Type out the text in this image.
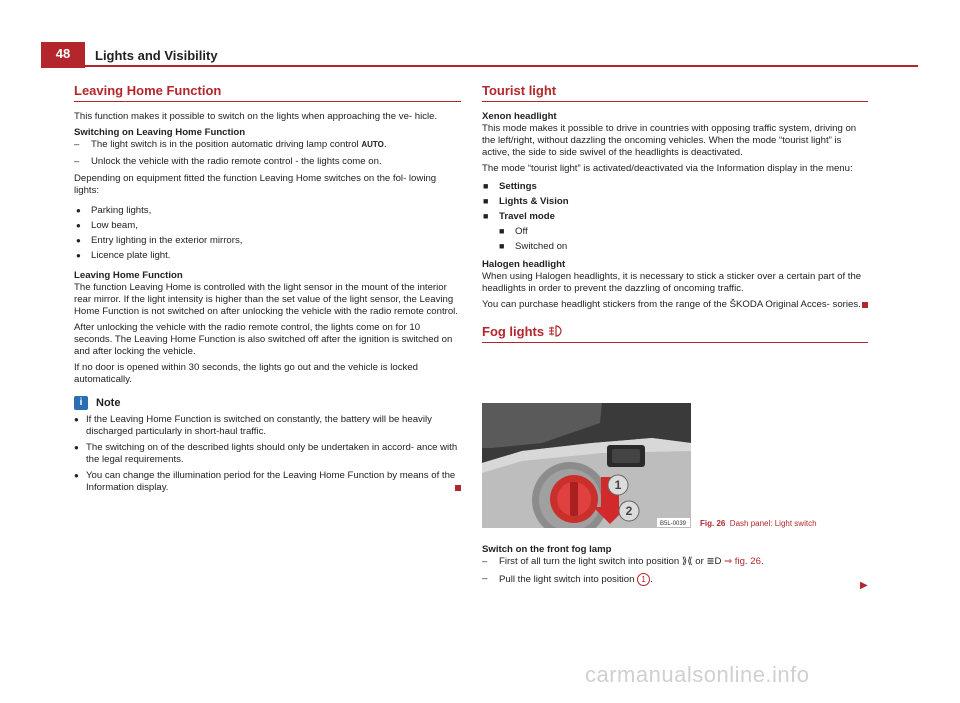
48	Lights and Visibility
Leaving Home Function

This function makes it possible to switch on the lights when approaching the ve- hicle.

Switching on Leaving Home Function

– The light switch is in the position automatic driving lamp control AUTO.
– Unlock the vehicle with the radio remote control - the lights come on.

Depending on equipment fitted the function Leaving Home switches on the fol- lowing lights:

● Parking lights,
● Low beam,
● Entry lighting in the exterior mirrors,
● Licence plate light.

Leaving Home Function

The function Leaving Home is controlled with the light sensor in the mount of the interior rear mirror. If the light intensity is higher than the set value of the light sensor, the Leaving Home Function is not switched on after unlocking the vehicle with the radio remote control.

After unlocking the vehicle with the radio remote control, the lights come on for 10 seconds. The Leaving Home Function is also switched off after the ignition is switched on and after locking the vehicle.

If no door is opened within 30 seconds, the lights go out and the vehicle is locked automatically.

i
Note
● If the Leaving Home Function is switched on constantly, the battery will be heavily discharged particularly in short-haul traffic.
● The switching on of the described lights should only be undertaken in accord- ance with the legal requirements.
● You can change the illumination period for the Leaving Home Function by means of the Information display.
Tourist light

Xenon headlight

This mode makes it possible to drive in countries with opposing traffic system, driving on the left/right, without dazzling the oncoming vehicles. When the mode “tourist light” is active, the side to side swivel of the headlights is deactivated.

The mode “tourist light” is activated/deactivated via the Information display in the menu:

■ Settings
■ Lights & Vision
■ Travel mode
■ Off
■ Switched on

Halogen headlight

When using Halogen headlights, it is necessary to stick a sticker over a certain part of the headlights in order to prevent the dazzling of oncoming traffic.

You can purchase headlight stickers from the range of the ŠKODA Original Acces- sories.

Fog lights
1
2
B5L-0039 Fig. 26 Dash panel: Light switch

Switch on the front fog lamp

– First of all turn the light switch into position ⟫⟪ or ≣D ⇒ fig. 26.
– Pull the light switch into position 1 .
▶
carmanualsonline.info
